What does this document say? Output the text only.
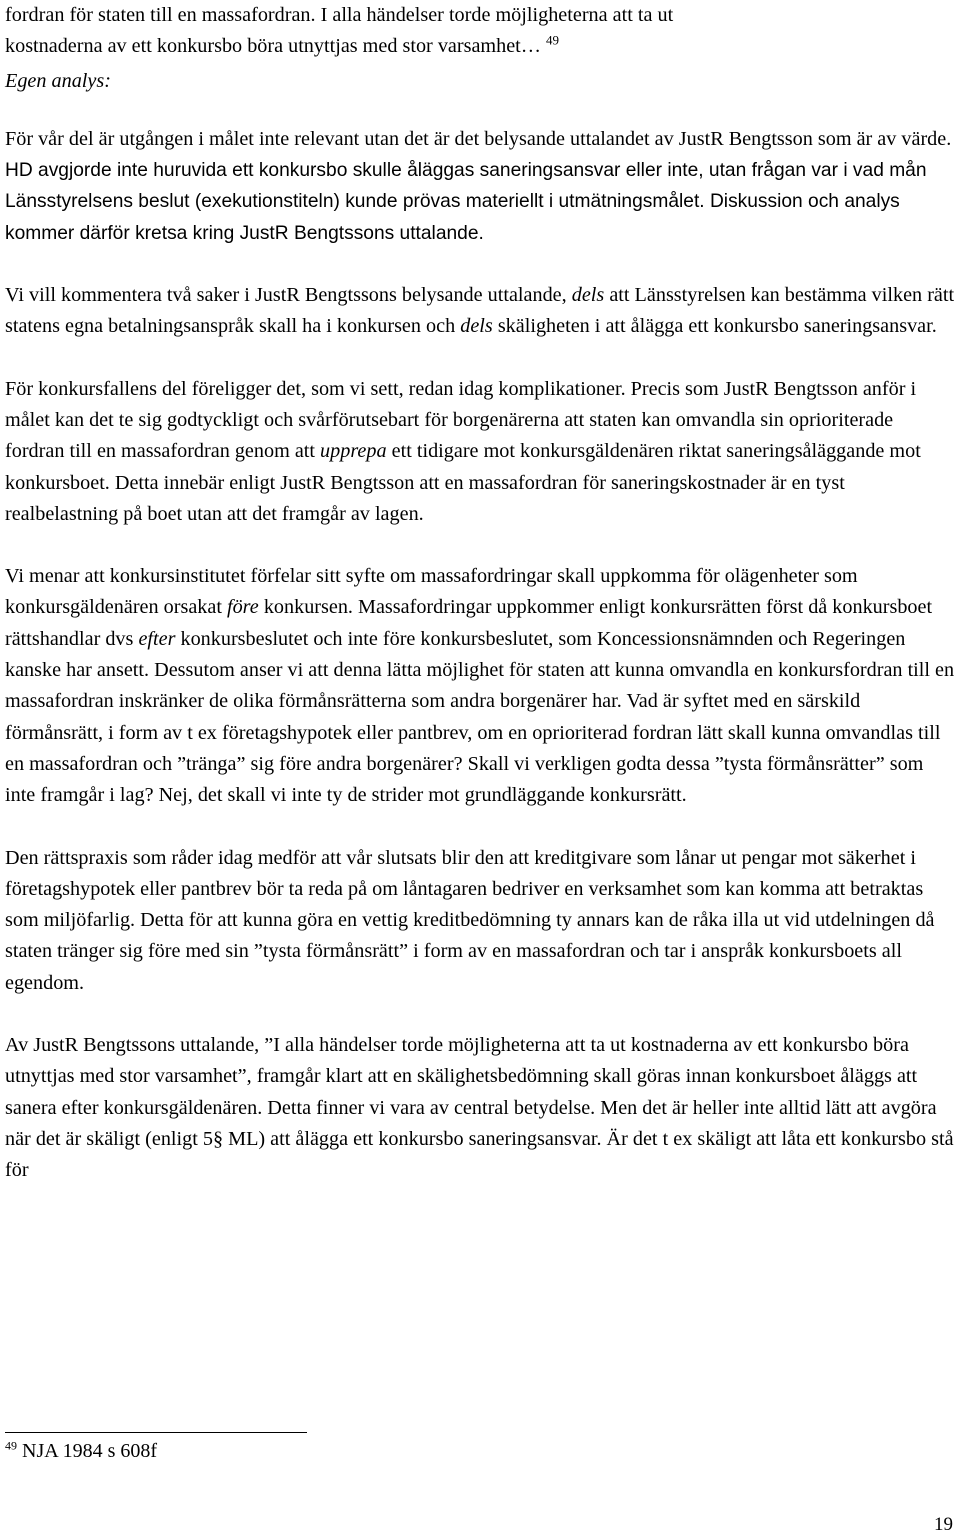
fordran för staten till en massafordran. I alla händelser torde möjligheterna att ta ut
kostnaderna av ett konkursbo böra utnyttjas med stor varsamhet… $^{49}$

Egen analys:

För vår del är utgången i målet inte relevant utan det är det belysande uttalandet av JustR Bengtsson som är av värde. HD avgjorde inte huruvida ett konkursbo skulle åläggas saneringsansvar eller inte, utan frågan var i vad mån Länsstyrelsens beslut (exekutionstiteln) kunde prövas materiellt i utmätningsmålet. Diskussion och analys kommer därför kretsa kring JustR Bengtssons uttalande.

Vi vill kommentera två saker i JustR Bengtssons belysande uttalande, dels att Länsstyrelsen kan bestämma vilken rätt statens egna betalningsanspråk skall ha i konkursen och dels skäligheten i att ålägga ett konkursbo saneringsansvar.

För konkursfallens del föreligger det, som vi sett, redan idag komplikationer. Precis som JustR Bengtsson anför i målet kan det te sig godtyckligt och svårförutsebart för borgenärerna att staten kan omvandla sin oprioriterade fordran till en massafordran genom att upprepa ett tidigare mot konkursgäldenären riktat saneringsåläggande mot konkursboet. Detta innebär enligt JustR Bengtsson att en massafordran för saneringskostnader är en tyst realbelastning på boet utan att det framgår av lagen.

Vi menar att konkursinstitutet förfelar sitt syfte om massafordringar skall uppkomma för olägenheter som konkursgäldenären orsakat före konkursen. Massafordringar uppkommer enligt konkursrätten först då konkursboet rättshandlar dvs efter konkursbeslutet och inte före konkursbeslutet, som Koncessionsnämnden och Regeringen kanske har ansett. Dessutom anser vi att denna lätta möjlighet för staten att kunna omvandla en konkursfordran till en massafordran inskränker de olika förmånsrätterna som andra borgenärer har. Vad är syftet med en särskild förmånsrätt, i form av t ex företagshypotek eller pantbrev, om en oprioriterad fordran lätt skall kunna omvandlas till en massafordran och ”tränga” sig före andra borgenärer? Skall vi verkligen godta dessa ”tysta förmånsrätter” som inte framgår i lag? Nej, det skall vi inte ty de strider mot grundläggande konkursrätt.

Den rättspraxis som råder idag medför att vår slutsats blir den att kreditgivare som lånar ut pengar mot säkerhet i företagshypotek eller pantbrev bör ta reda på om låntagaren bedriver en verksamhet som kan komma att betraktas som miljöfarlig. Detta för att kunna göra en vettig kreditbedömning ty annars kan de råka illa ut vid utdelningen då staten tränger sig före med sin ”tysta förmånsrätt” i form av en massafordran och tar i anspråk konkursboets all egendom.

Av JustR Bengtssons uttalande, ”I alla händelser torde möjligheterna att ta ut kostnaderna av ett konkursbo böra utnyttjas med stor varsamhet”, framgår klart att en skälighetsbedömning skall göras innan konkursboet åläggs att sanera efter konkursgäldenären. Detta finner vi vara av central betydelse. Men det är heller inte alltid lätt att avgöra när det är skäligt (enligt 5§ ML) att ålägga ett konkursbo saneringsansvar. Är det t ex skäligt att låta ett konkursbo stå för

$^{49}$ NJA 1984 s 608f
19
